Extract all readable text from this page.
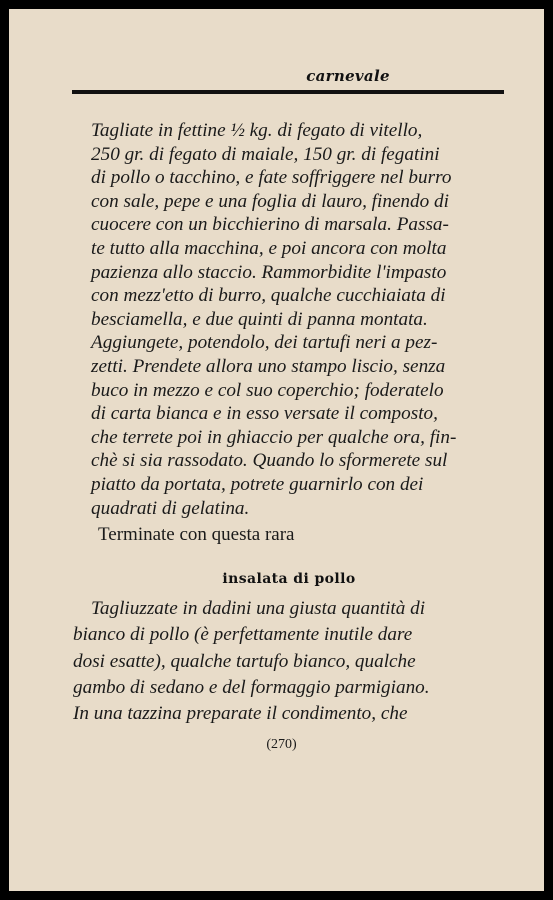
carnevale
Tagliate in fettine ½ kg. di fegato di vitello,
250 gr. di fegato di maiale, 150 gr. di fegatini
di pollo o tacchino, e fate soffriggere nel burro
con sale, pepe e una foglia di lauro, finendo di
cuocere con un bicchierino di marsala. Passa-
te tutto alla macchina, e poi ancora con molta
pazienza allo staccio. Rammorbidite l'impasto
con mezz'etto di burro, qualche cucchiaiata di
besciamella, e due quinti di panna montata.
Aggiungete, potendolo, dei tartufi neri a pez-
zetti. Prendete allora uno stampo liscio, senza
buco in mezzo e col suo coperchio; foderatelo
di carta bianca e in esso versate il composto,
che terrete poi in ghiaccio per qualche ora, fin-
chè si sia rassodato. Quando lo sformerete sul
piatto da portata, potrete guarnirlo con dei
quadrati di gelatina.
Terminate con questa rara
insalata di pollo
Tagliuzzate in dadini una giusta quantità di
bianco di pollo (è perfettamente inutile dare
dosi esatte), qualche tartufo bianco, qualche
gambo di sedano e del formaggio parmigiano.
In una tazzina preparate il condimento, che
(270)
